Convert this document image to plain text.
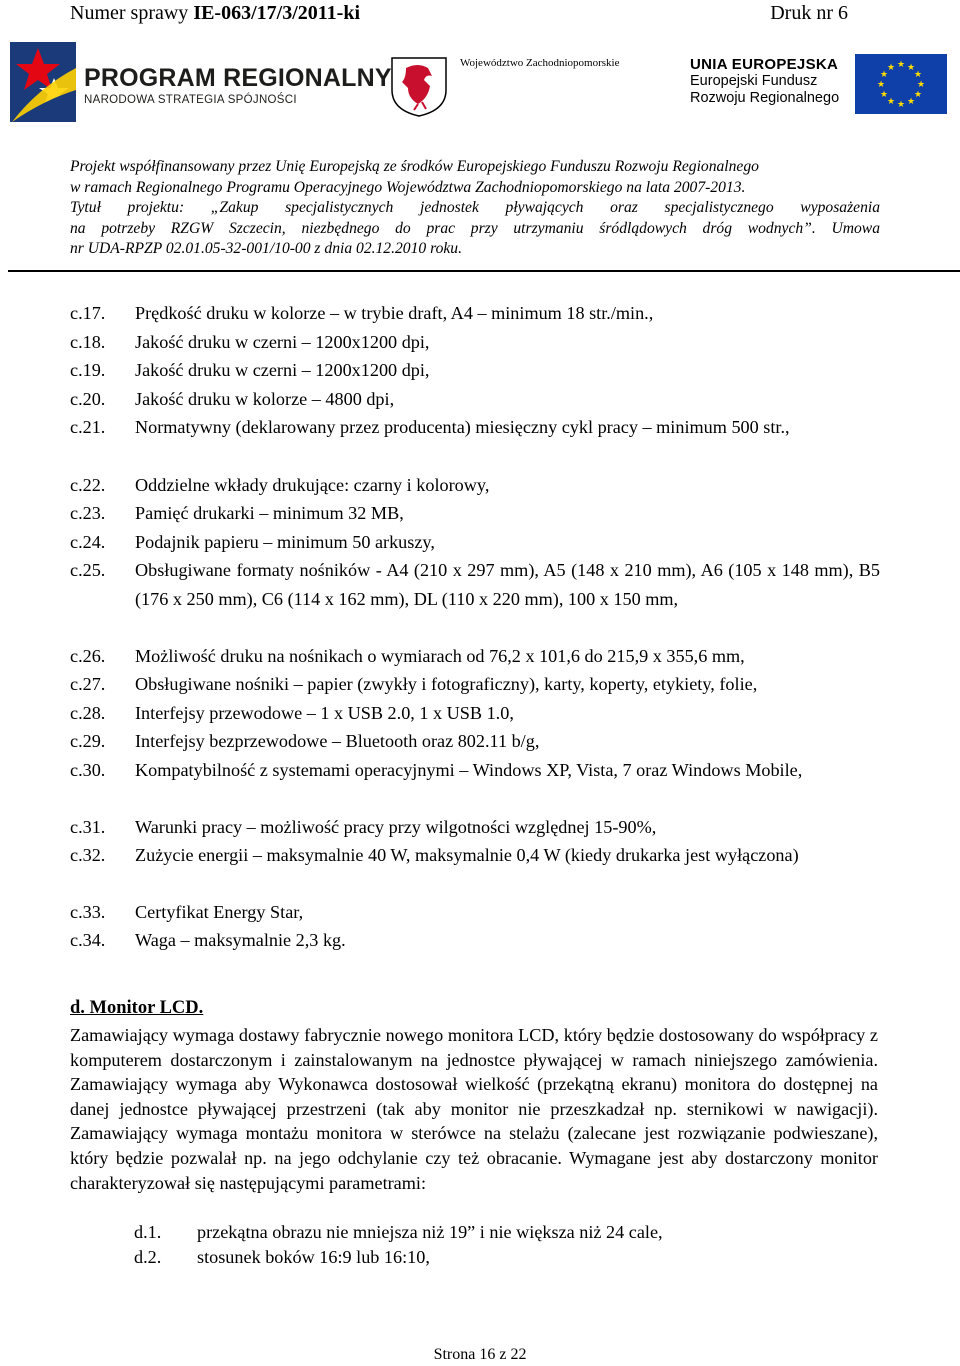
Numer sprawy IE-063/17/3/2011-ki	Druk nr 6
PROGRAM REGIONALNY
NARODOWA STRATEGIA SPÓJNOŚCI
Województwo Zachodniopomorskie	UNIA EUROPEJSKA
Europejski Fundusz
Rozwoju Regionalnego
★ ★
★
★
★
★
★
★
★
★
★
★
Projekt współfinansowany przez Unię Europejską ze środków Europejskiego Funduszu Rozwoju Regionalnego
w ramach Regionalnego Programu Operacyjnego Województwa Zachodniopomorskiego na lata 2007-2013.
Tytuł projektu: „Zakup specjalistycznych jednostek pływających oraz specjalistycznego wyposażenia
na potrzeby RZGW Szczecin, niezbędnego do prac przy utrzymaniu śródlądowych dróg wodnych”. Umowa
nr UDA-RPZP 02.01.05-32-001/10-00 z dnia 02.12.2010 roku.
c.17.	Prędkość druku w kolorze – w trybie draft, A4 – minimum 18 str./min.,
c.18.	Jakość druku w czerni – 1200x1200 dpi,
c.19.	Jakość druku w czerni – 1200x1200 dpi,
c.20.	Jakość druku w kolorze – 4800 dpi,
c.21.	Normatywny (deklarowany przez producenta) miesięczny cykl pracy – minimum 500 str.,
c.22.	Oddzielne wkłady drukujące: czarny i kolorowy,
c.23.	Pamięć drukarki – minimum 32 MB,
c.24.	Podajnik papieru – minimum 50 arkuszy,
c.25.	Obsługiwane formaty nośników - A4 (210 x 297 mm), A5 (148 x 210 mm), A6 (105 x 148 mm), B5 (176 x 250 mm), C6 (114 x 162 mm), DL (110 x 220 mm), 100 x 150 mm,
c.26.	Możliwość druku na nośnikach o wymiarach od 76,2 x 101,6 do 215,9 x 355,6 mm,
c.27.	Obsługiwane nośniki – papier (zwykły i fotograficzny), karty, koperty, etykiety, folie,
c.28.	Interfejsy przewodowe – 1 x USB 2.0, 1 x USB 1.0,
c.29.	Interfejsy bezprzewodowe – Bluetooth oraz 802.11 b/g,
c.30.	Kompatybilność z systemami operacyjnymi – Windows XP, Vista, 7 oraz Windows Mobile,
c.31.	Warunki pracy – możliwość pracy przy wilgotności względnej 15-90%,
c.32.	Zużycie energii – maksymalnie 40 W, maksymalnie 0,4 W (kiedy drukarka jest wyłączona)
c.33.	Certyfikat Energy Star,
c.34.	Waga – maksymalnie 2,3 kg.
d. Monitor LCD.
Zamawiający wymaga dostawy fabrycznie nowego monitora LCD, który będzie dostosowany do współpracy z komputerem dostarczonym i zainstalowanym na jednostce pływającej w ramach niniejszego zamówienia. Zamawiający wymaga aby Wykonawca dostosował wielkość (przekątną ekranu) monitora do dostępnej na danej jednostce pływającej przestrzeni (tak aby monitor nie przeszkadzał np. sternikowi w nawigacji). Zamawiający wymaga montażu monitora w sterówce na stelażu (zalecane jest rozwiązanie podwieszane), który będzie pozwalał np. na jego odchylanie czy też obracanie. Wymagane jest aby dostarczony monitor charakteryzował się następującymi parametrami:
d.1.	przekątna obrazu nie mniejsza niż 19” i nie większa niż 24 cale,
d.2.	stosunek boków 16:9 lub 16:10,
Strona 16 z 22
